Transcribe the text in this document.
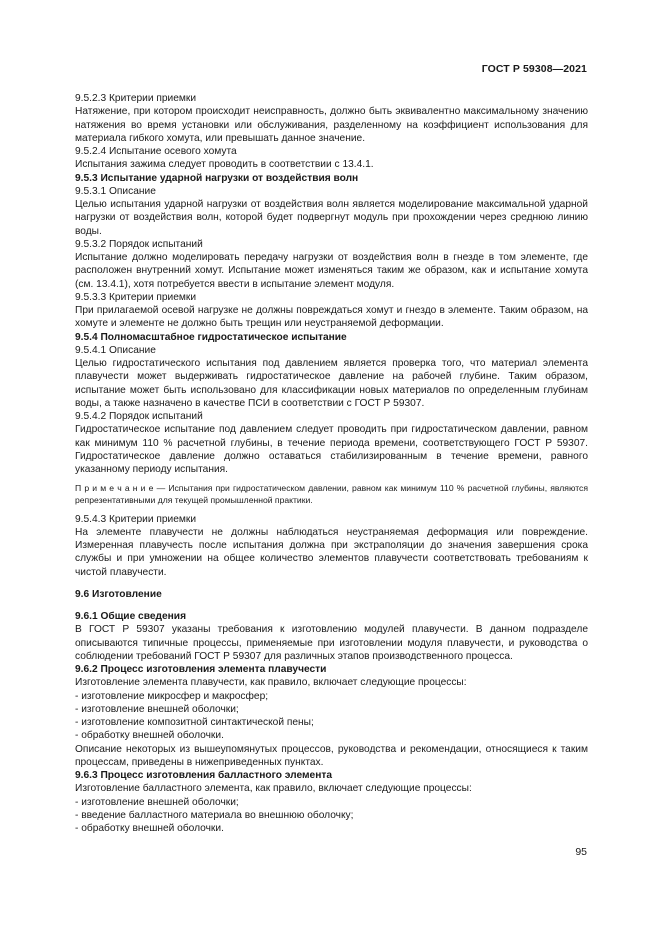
ГОСТ Р 59308—2021

9.5.2.3 Критерии приемки

Натяжение, при котором происходит неисправность, должно быть эквивалентно максимальному значению натяжения во время установки или обслуживания, разделенному на коэффициент использования для материала гибкого хомута, или превышать данное значение.

9.5.2.4 Испытание осевого хомута

Испытания зажима следует проводить в соответствии с 13.4.1.

9.5.3 Испытание ударной нагрузки от воздействия волн

9.5.3.1 Описание

Целью испытания ударной нагрузки от воздействия волн является моделирование максимальной ударной нагрузки от воздействия волн, которой будет подвергнут модуль при прохождении через среднюю линию воды.

9.5.3.2 Порядок испытаний

Испытание должно моделировать передачу нагрузки от воздействия волн в гнезде в том элементе, где расположен внутренний хомут. Испытание может изменяться таким же образом, как и испытание хомута (см. 13.4.1), хотя потребуется ввести в испытание элемент модуля.

9.5.3.3 Критерии приемки

При прилагаемой осевой нагрузке не должны повреждаться хомут и гнездо в элементе. Таким образом, на хомуте и элементе не должно быть трещин или неустраняемой деформации.

9.5.4 Полномасштабное гидростатическое испытание

9.5.4.1 Описание

Целью гидростатического испытания под давлением является проверка того, что материал элемента плавучести может выдерживать гидростатическое давление на рабочей глубине. Таким образом, испытание может быть использовано для классификации новых материалов по определенным глубинам воды, а также назначено в качестве ПСИ в соответствии с ГОСТ Р 59307.

9.5.4.2 Порядок испытаний

Гидростатическое испытание под давлением следует проводить при гидростатическом давлении, равном как минимум 110 % расчетной глубины, в течение периода времени, соответствующего ГОСТ Р 59307. Гидростатическое давление должно оставаться стабилизированным в течение времени, равного указанному периоду испытания.

П р и м е ч а н и е — Испытания при гидростатическом давлении, равном как минимум 110 % расчетной глубины, являются репрезентативными для текущей промышленной практики.

9.5.4.3 Критерии приемки

На элементе плавучести не должны наблюдаться неустраняемая деформация или повреждение. Измеренная плавучесть после испытания должна при экстраполяции до значения завершения срока службы и при умножении на общее количество элементов плавучести соответствовать требованиям к чистой плавучести.

9.6 Изготовление

9.6.1 Общие сведения

В ГОСТ Р 59307 указаны требования к изготовлению модулей плавучести. В данном подразделе описываются типичные процессы, применяемые при изготовлении модуля плавучести, и руководства о соблюдении требований ГОСТ Р 59307 для различных этапов производственного процесса.

9.6.2 Процесс изготовления элемента плавучести

Изготовление элемента плавучести, как правило, включает следующие процессы:

- изготовление микросфер и макросфер;
- изготовление внешней оболочки;
- изготовление композитной синтактической пены;
- обработку внешней оболочки.

Описание некоторых из вышеупомянутых процессов, руководства и рекомендации, относящиеся к таким процессам, приведены в нижеприведенных пунктах.

9.6.3 Процесс изготовления балластного элемента

Изготовление балластного элемента, как правило, включает следующие процессы:

- изготовление внешней оболочки;
- введение балластного материала во внешнюю оболочку;
- обработку внешней оболочки.
95
